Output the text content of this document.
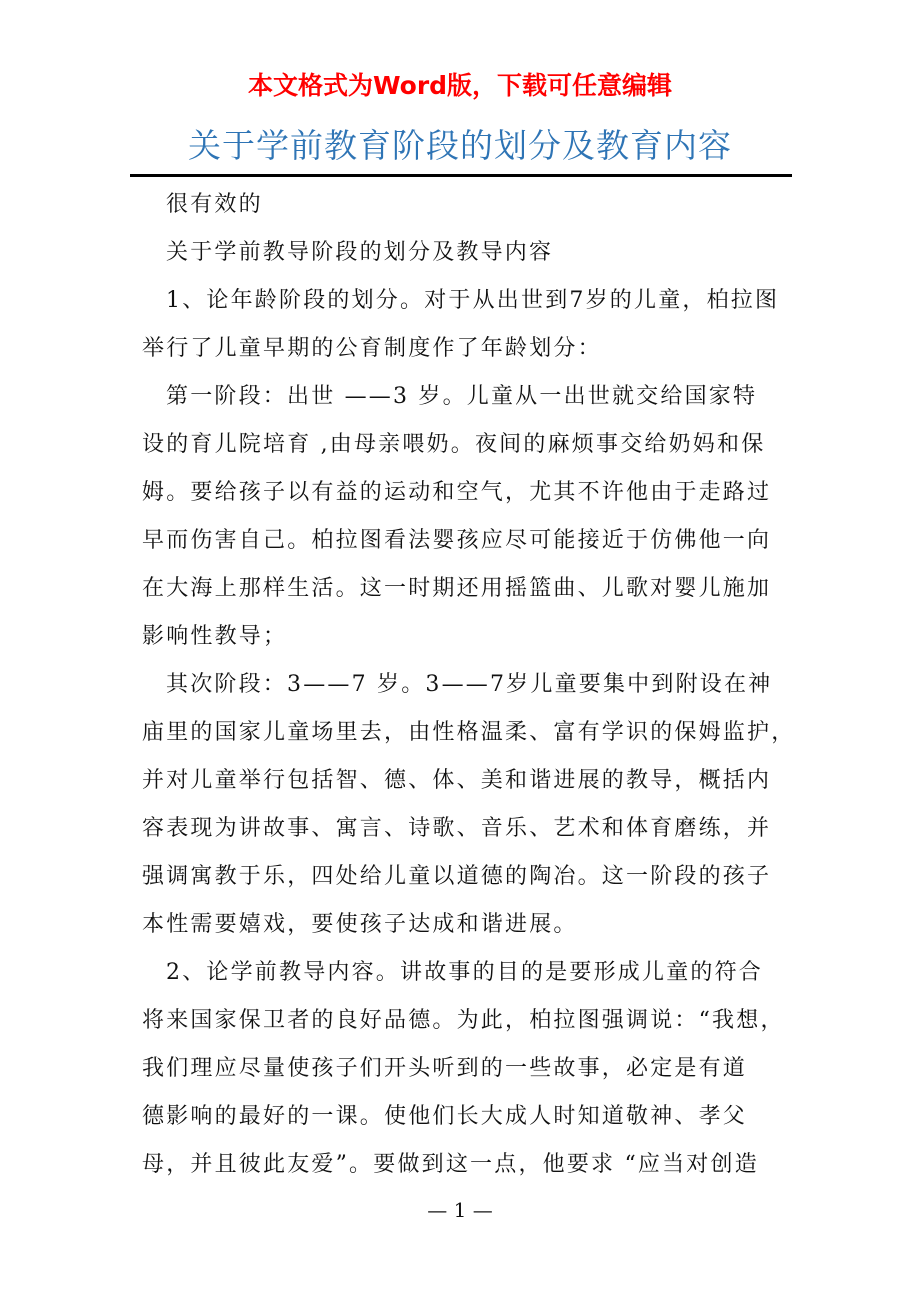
本文格式为Word版，下载可任意编辑
关于学前教育阶段的划分及教育内容
很有效的
关于学前教导阶段的划分及教导内容
1、论年龄阶段的划分。对于从出世到7岁的儿童，柏拉图
举行了儿童早期的公育制度作了年龄划分：
第一阶段：出世 ——3 岁。儿童从一出世就交给国家特
设的育儿院培育 ,由母亲喂奶。夜间的麻烦事交给奶妈和保
姆。要给孩子以有益的运动和空气，尤其不许他由于走路过
早而伤害自己。柏拉图看法婴孩应尽可能接近于仿佛他一向
在大海上那样生活。这一时期还用摇篮曲、儿歌对婴儿施加
影响性教导；
其次阶段：3——7 岁。3——7岁儿童要集中到附设在神
庙里的国家儿童场里去，由性格温柔、富有学识的保姆监护，
并对儿童举行包括智、德、体、美和谐进展的教导，概括内
容表现为讲故事、寓言、诗歌、音乐、艺术和体育磨练，并
强调寓教于乐，四处给儿童以道德的陶冶。这一阶段的孩子
本性需要嬉戏，要使孩子达成和谐进展。
2、论学前教导内容。讲故事的目的是要形成儿童的符合
将来国家保卫者的良好品德。为此，柏拉图强调说：“我想，
我们理应尽量使孩子们开头听到的一些故事，必定是有道
德影响的最好的一课。使他们长大成人时知道敬神、孝父
母，并且彼此友爱”。要做到这一点，他要求 “应当对创造
— 1 —
